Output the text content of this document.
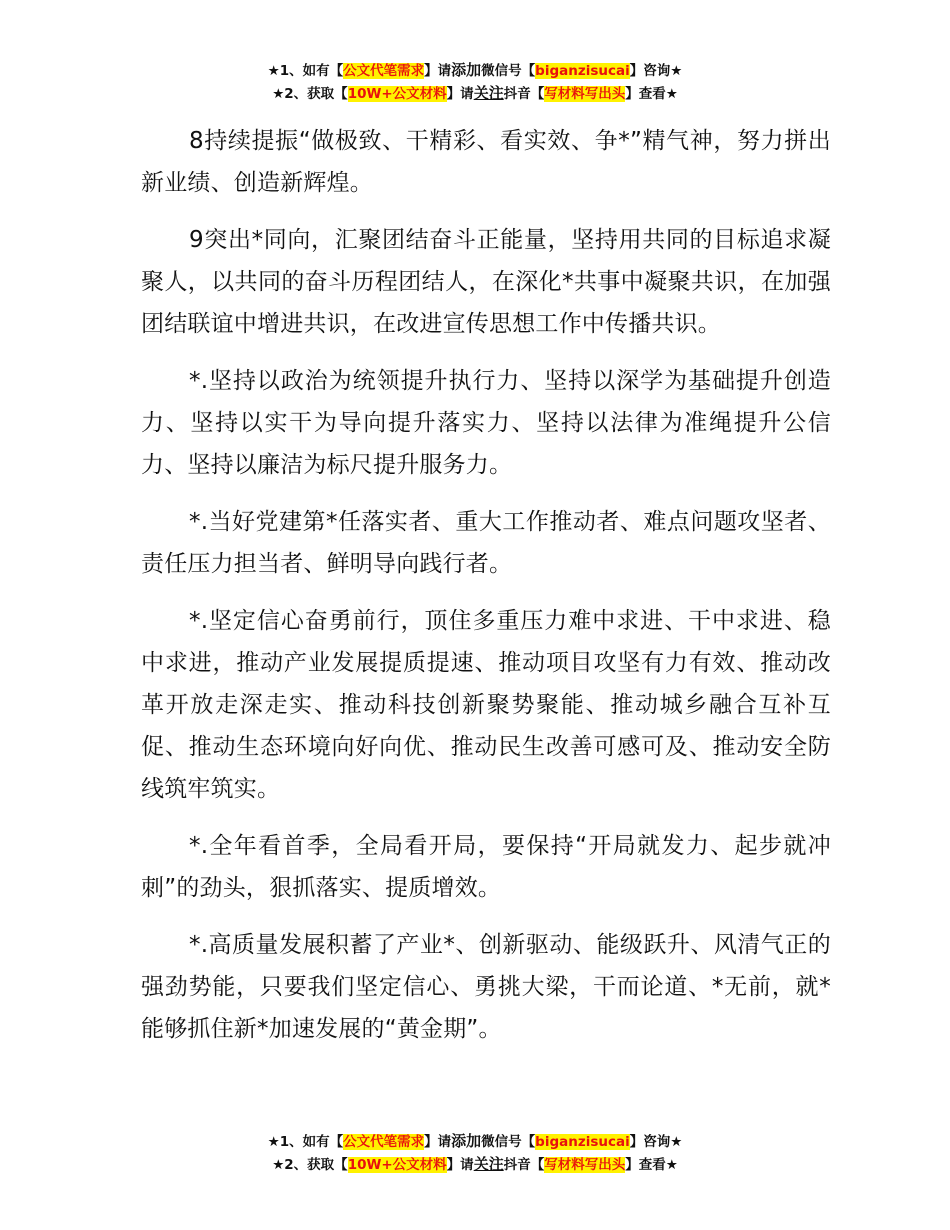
★1、如有【公文代笔需求】请添加微信号【biganzisucai】咨询★
★2、获取【10W+公文材料】请关注抖音【写材料写出头】查看★

8持续提振“做极致、干精彩、看实效、争*”精气神，努力拼出新业绩、创造新辉煌。

9突出*同向，汇聚团结奋斗正能量，坚持用共同的目标追求凝聚人，以共同的奋斗历程团结人，在深化*共事中凝聚共识，在加强团结联谊中增进共识，在改进宣传思想工作中传播共识。

*.坚持以政治为统领提升执行力、坚持以深学为基础提升创造力、坚持以实干为导向提升落实力、坚持以法律为准绳提升公信力、坚持以廉洁为标尺提升服务力。

*.当好党建第*任落实者、重大工作推动者、难点问题攻坚者、责任压力担当者、鲜明导向践行者。

*.坚定信心奋勇前行，顶住多重压力难中求进、干中求进、稳中求进，推动产业发展提质提速、推动项目攻坚有力有效、推动改革开放走深走实、推动科技创新聚势聚能、推动城乡融合互补互促、推动生态环境向好向优、推动民生改善可感可及、推动安全防线筑牢筑实。

*.全年看首季，全局看开局，要保持“开局就发力、起步就冲刺”的劲头，狠抓落实、提质增效。

*.高质量发展积蓄了产业*、创新驱动、能级跃升、风清气正的强劲势能，只要我们坚定信心、勇挑大梁，干而论道、*无前，就*能够抓住新*加速发展的“黄金期”。

★1、如有【公文代笔需求】请添加微信号【biganzisucai】咨询★
★2、获取【10W+公文材料】请关注抖音【写材料写出头】查看★
